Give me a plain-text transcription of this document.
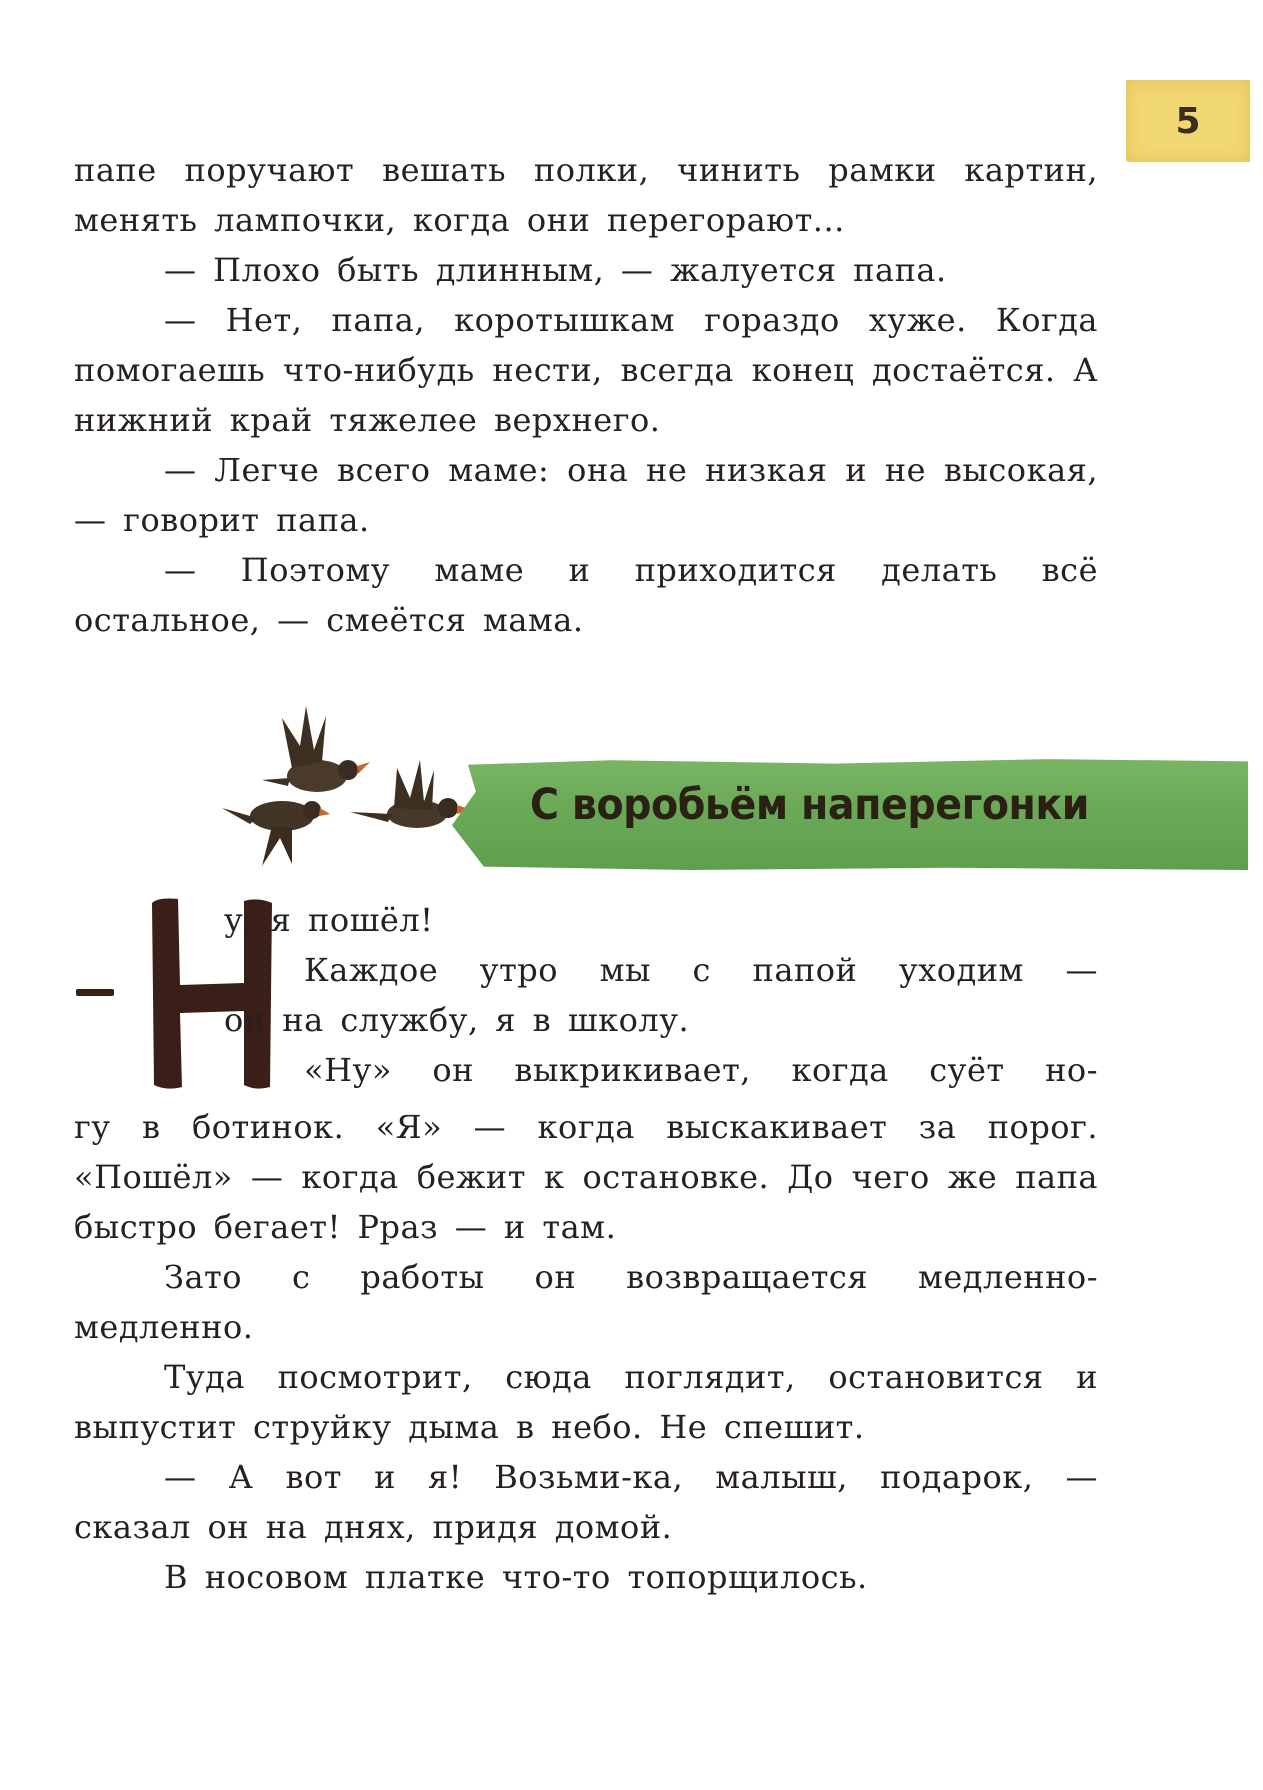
5

папе поручают вешать полки, чинить рамки картин, менять лампочки, когда они перегорают...

— Плохо быть длинным, — жалуется папа.

— Нет, папа, коротышкам гораздо хуже. Когда помогаешь что-нибудь нести, всегда конец достаётся. А нижний край тяжелее верхнего.

— Легче всего маме: она не низкая и не высокая, — говорит папа.

— Поэтому маме и приходится делать всё остальное, — смеётся мама.

С воробьём наперегонки

у, я пошёл!

Каждое утро мы с папой уходим —

он на службу, я в школу.

«Ну» он выкрикивает, когда суёт но-

гу в ботинок. «Я» — когда выскакивает за порог. «Пошёл» — когда бежит к остановке. До чего же папа быстро бегает! Рраз — и там.

Зато с работы он возвращается медленно-медленно.

Туда посмотрит, сюда поглядит, остановится и выпустит струйку дыма в небо. Не спешит.

— А вот и я! Возьми-ка, малыш, подарок, — сказал он на днях, придя домой.

В носовом платке что-то топорщилось.
